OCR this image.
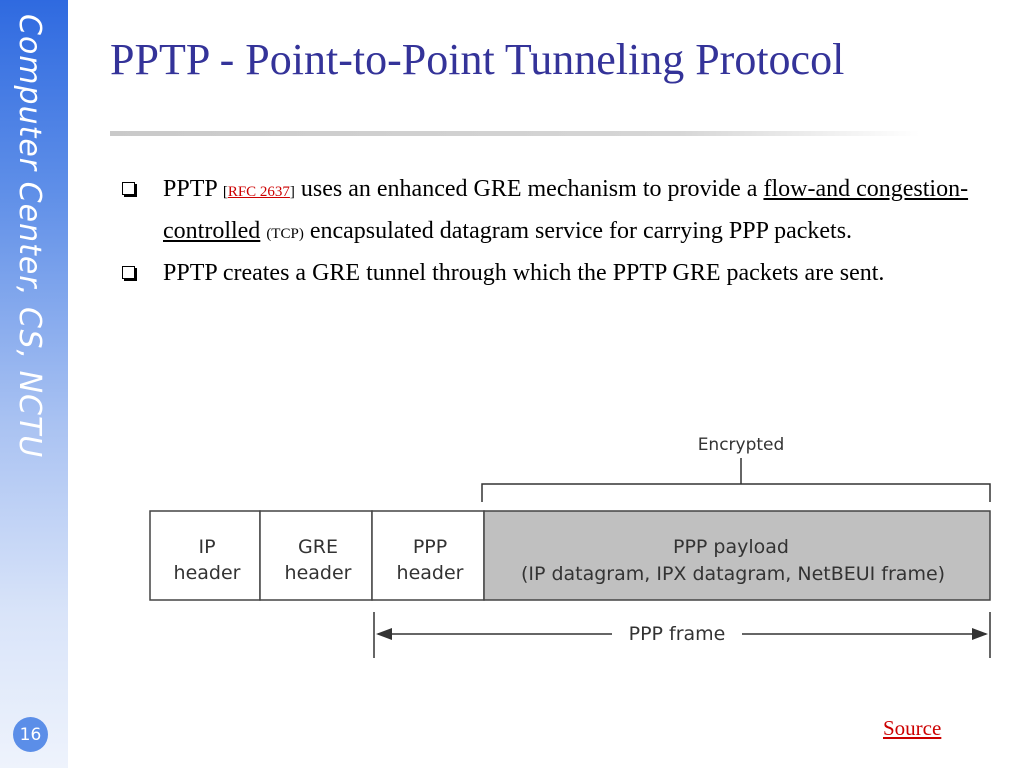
Computer Center, CS, NCTU
16
PPTP - Point-to-Point Tunneling Protocol
PPTP [RFC 2637] uses an enhanced GRE mechanism to provide a flow-and congestion-controlled (TCP) encapsulated datagram service for carrying PPP packets.
PPTP creates a GRE tunnel through which the PPTP GRE packets are sent.
Encrypted
IP
header
GRE
header
PPP
header
PPP payload
(IP datagram, IPX datagram, NetBEUI frame)
PPP frame
Source
